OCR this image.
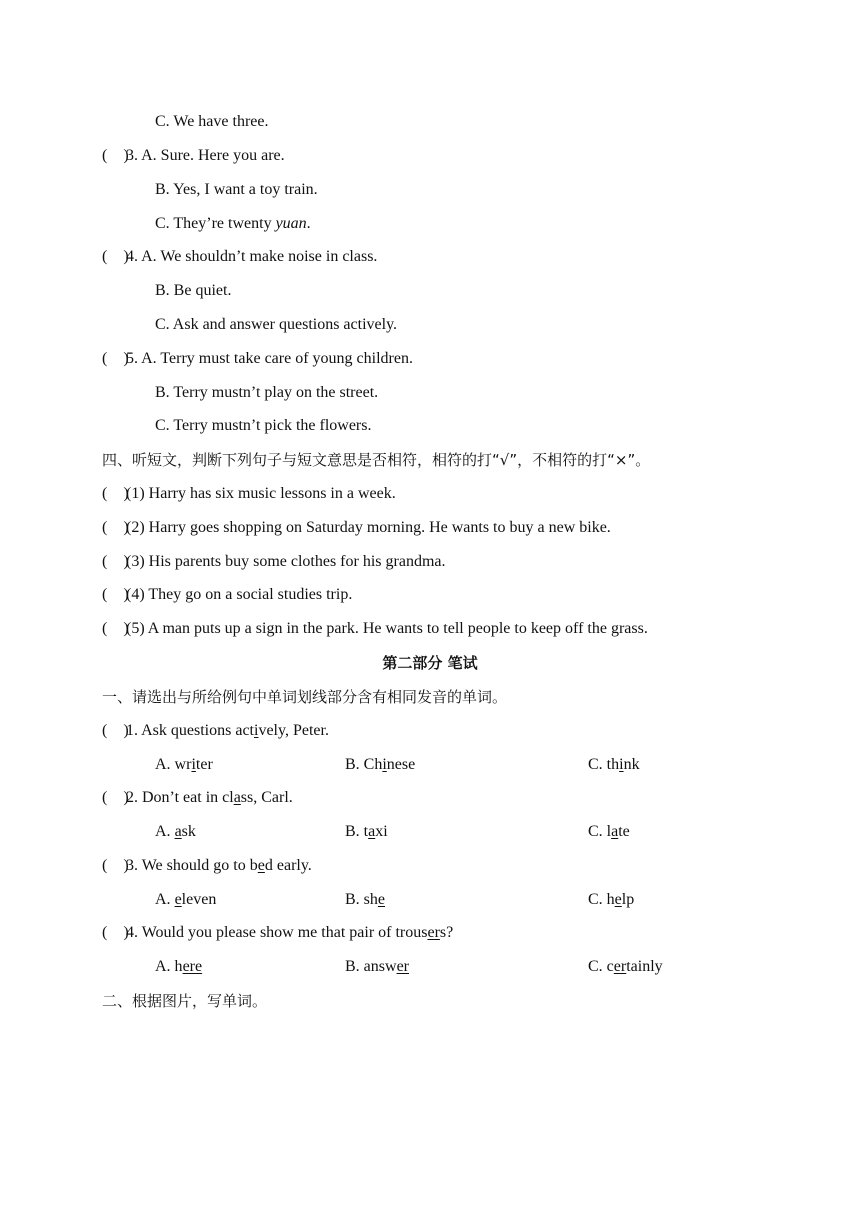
C. We have three.
(    )
3. A. Sure. Here you are.
B. Yes, I want a toy train.
C. They’re twenty yuan.
(    )
4. A. We shouldn’t make noise in class.
B. Be quiet.
C. Ask and answer questions actively.
(    )
5. A. Terry must take care of young children.
B. Terry mustn’t play on the street.
C. Terry mustn’t pick the flowers.
四、听短文，判断下列句子与短文意思是否相符，相符的打“√”，不相符的打“×”。
(    )
(1) Harry has six music lessons in a week.
(    )
(2) Harry goes shopping on Saturday morning. He wants to buy a new bike.
(    )
(3) His parents buy some clothes for his grandma.
(    )
(4) They go on a social studies trip.
(    )
(5) A man puts up a sign in the park. He wants to tell people to keep off the grass.
第二部分 笔试
一、请选出与所给例句中单词划线部分含有相同发音的单词。
(    )
1. Ask questions actively, Peter.
A. writer	B. Chinese	C. think
(    )
2. Don’t eat in class, Carl.
A. ask	B. taxi	C. late
(    )
3. We should go to bed early.
A. eleven	B. she	C. help
(    )
4. Would you please show me that pair of trousers?
A. here	B. answer	C. certainly
二、根据图片，写单词。
